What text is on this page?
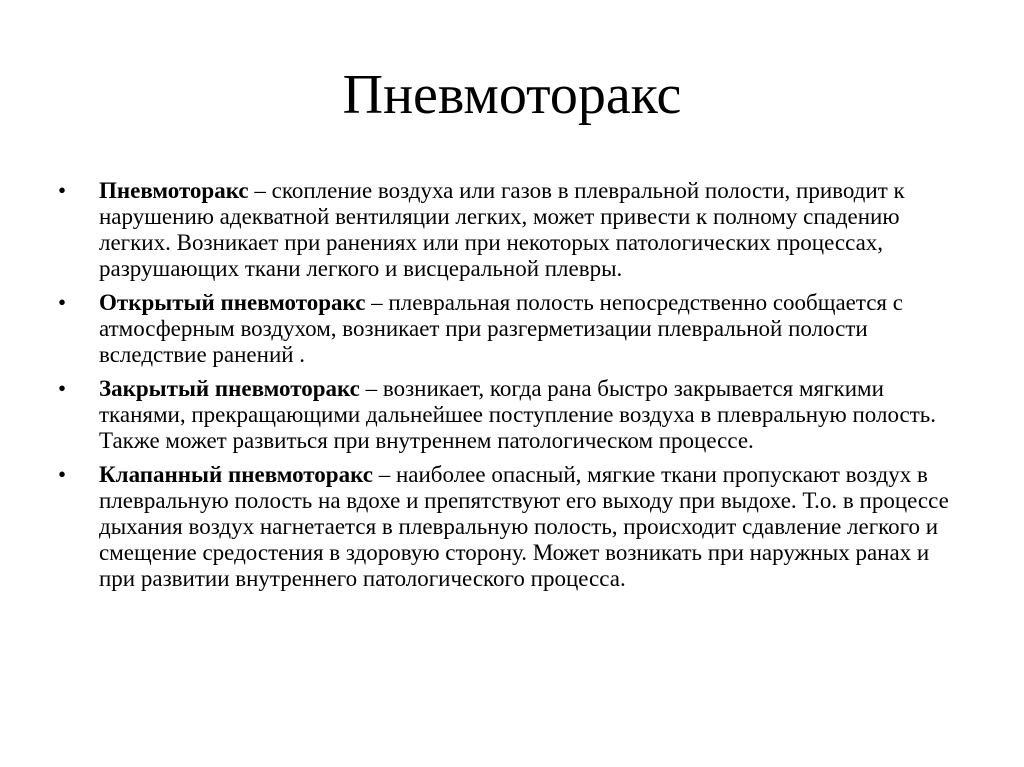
Пневмоторакс
•	Пневмоторакс – скопление воздуха или газов в плевральной полости, приводит к нарушению адекватной вентиляции легких, может привести к полному спадению легких. Возникает при ранениях или при некоторых патологических процессах, разрушающих ткани легкого и висцеральной плевры.
•	Открытый пневмоторакс – плевральная полость непосредственно сообщается с атмосферным воздухом, возникает при разгерметизации плевральной полости вследствие ранений .
•	Закрытый пневмоторакс – возникает, когда рана быстро закрывается мягкими тканями, прекращающими дальнейшее поступление воздуха в плевральную полость. Также может развиться при внутреннем патологическом процессе.
•	Клапанный пневмоторакс – наиболее опасный, мягкие ткани пропускают воздух в плевральную полость на вдохе и препятствуют его выходу при выдохе. Т.о. в процессе дыхания воздух нагнетается в плевральную полость, происходит сдавление легкого и смещение средостения в здоровую сторону. Может возникать при наружных ранах и при развитии внутреннего патологического процесса.
